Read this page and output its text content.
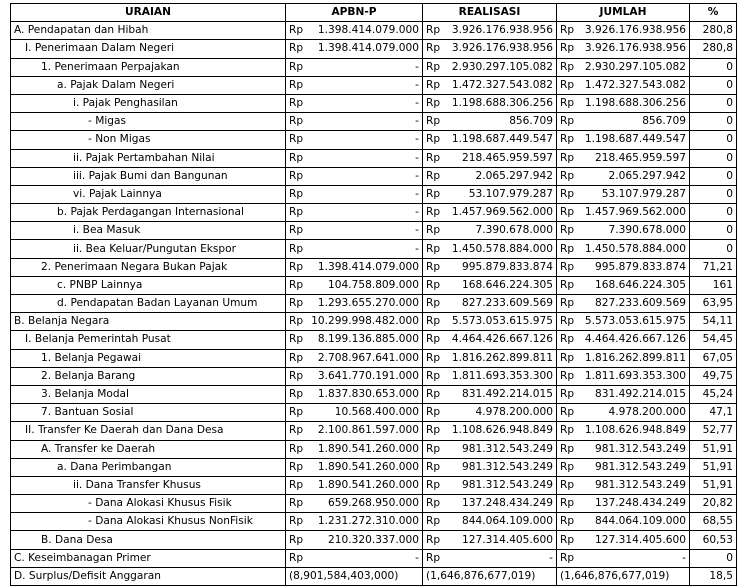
URAIAN	APBN-P	REALISASI	JUMLAH	%
A. Pendapatan dan Hibah	Rp 1.398.414.079.000	Rp 3.926.176.938.956	Rp 3.926.176.938.956	280,8
I. Penerimaan Dalam Negeri	Rp 1.398.414.079.000	Rp 3.926.176.938.956	Rp 3.926.176.938.956	280,8
1. Penerimaan Perpajakan	Rp -	Rp 2.930.297.105.082	Rp 2.930.297.105.082	0
a. Pajak Dalam Negeri	Rp -	Rp 1.472.327.543.082	Rp 1.472.327.543.082	0
i. Pajak Penghasilan	Rp -	Rp 1.198.688.306.256	Rp 1.198.688.306.256	0
- Migas	Rp -	Rp 856.709	Rp 856.709	0
- Non Migas	Rp -	Rp 1.198.687.449.547	Rp 1.198.687.449.547	0
ii. Pajak Pertambahan Nilai	Rp -	Rp 218.465.959.597	Rp 218.465.959.597	0
iii. Pajak Bumi dan Bangunan	Rp -	Rp 2.065.297.942	Rp 2.065.297.942	0
vi. Pajak Lainnya	Rp -	Rp 53.107.979.287	Rp 53.107.979.287	0
b. Pajak Perdagangan Internasional	Rp -	Rp 1.457.969.562.000	Rp 1.457.969.562.000	0
i. Bea Masuk	Rp -	Rp 7.390.678.000	Rp 7.390.678.000	0
ii. Bea Keluar/Pungutan Ekspor	Rp -	Rp 1.450.578.884.000	Rp 1.450.578.884.000	0
2. Penerimaan Negara Bukan Pajak	Rp 1.398.414.079.000	Rp 995.879.833.874	Rp 995.879.833.874	71,21
c. PNBP Lainnya	Rp 104.758.809.000	Rp 168.646.224.305	Rp 168.646.224.305	161
d. Pendapatan Badan Layanan Umum	Rp 1.293.655.270.000	Rp 827.233.609.569	Rp 827.233.609.569	63,95
B. Belanja Negara	Rp 10.299.998.482.000	Rp 5.573.053.615.975	Rp 5.573.053.615.975	54,11
I. Belanja Pemerintah Pusat	Rp 8.199.136.885.000	Rp 4.464.426.667.126	Rp 4.464.426.667.126	54,45
1. Belanja Pegawai	Rp 2.708.967.641.000	Rp 1.816.262.899.811	Rp 1.816.262.899.811	67,05
2. Belanja Barang	Rp 3.641.770.191.000	Rp 1.811.693.353.300	Rp 1.811.693.353.300	49,75
3. Belanja Modal	Rp 1.837.830.653.000	Rp 831.492.214.015	Rp 831.492.214.015	45,24
7. Bantuan Sosial	Rp 10.568.400.000	Rp 4.978.200.000	Rp 4.978.200.000	47,1
II. Transfer Ke Daerah dan Dana Desa	Rp 2.100.861.597.000	Rp 1.108.626.948.849	Rp 1.108.626.948.849	52,77
A. Transfer ke Daerah	Rp 1.890.541.260.000	Rp 981.312.543.249	Rp 981.312.543.249	51,91
a. Dana Perimbangan	Rp 1.890.541.260.000	Rp 981.312.543.249	Rp 981.312.543.249	51,91
ii. Dana Transfer Khusus	Rp 1.890.541.260.000	Rp 981.312.543.249	Rp 981.312.543.249	51,91
- Dana Alokasi Khusus Fisik	Rp 659.268.950.000	Rp 137.248.434.249	Rp 137.248.434.249	20,82
- Dana Alokasi Khusus NonFisik	Rp 1.231.272.310.000	Rp 844.064.109.000	Rp 844.064.109.000	68,55
B. Dana Desa	Rp 210.320.337.000	Rp 127.314.405.600	Rp 127.314.405.600	60,53
C. Keseimbanagan Primer	Rp -	Rp -	Rp -	0
D. Surplus/Defisit Anggaran	(8,901,584,403,000)	(1,646,876,677,019)	(1,646,876,677,019)	18,5
